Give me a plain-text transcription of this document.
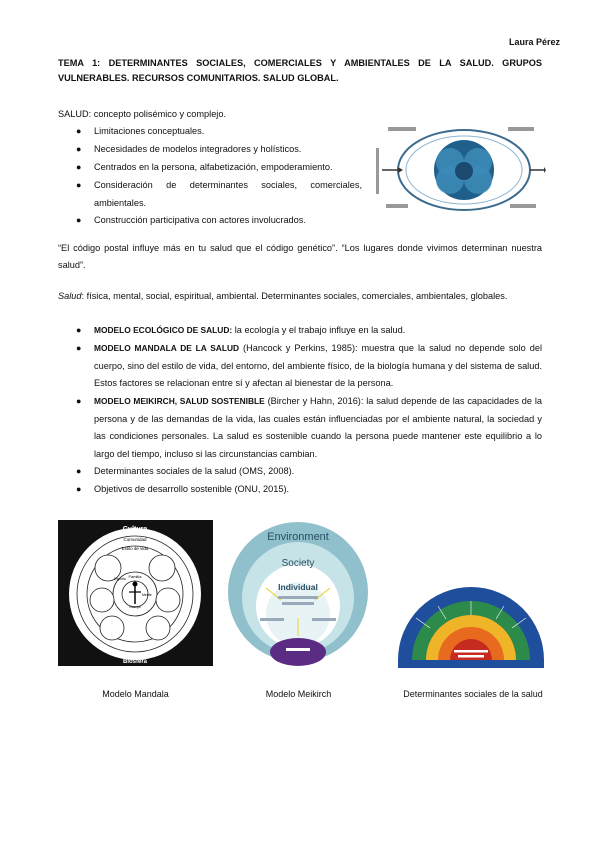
Laura Pérez
TEMA 1: DETERMINANTES SOCIALES, COMERCIALES Y AMBIENTALES DE LA SALUD. GRUPOS VULNERABLES. RECURSOS COMUNITARIOS. SALUD GLOBAL.
SALUD: concepto polisémico y complejo.
● Limitaciones conceptuales.
● Necesidades de modelos integradores y holísticos.
● Centrados en la persona, alfabetización, empoderamiento.
● Consideración de determinantes sociales, comerciales, ambientales.
● Construcción participativa con actores involucrados.
“El código postal influye más en tu salud que el código genético”. “Los lugares donde vivimos determinan nuestra salud”.
Salud: física, mental, social, espiritual, ambiental. Determinantes sociales, comerciales, ambientales, globales.
● MODELO ECOLÓGICO DE SALUD: la ecología y el trabajo influye en la salud.
● MODELO MANDALA DE LA SALUD (Hancock y Perkins, 1985): muestra que la salud no depende solo del cuerpo, sino del estilo de vida, del entorno, del ambiente físico, de la biología humana y del sistema de salud. Estos factores se relacionan entre sí y afectan al bienestar de la persona.
● MODELO MEIKIRCH, SALUD SOSTENIBLE (Bircher y Hahn, 2016): la salud depende de las capacidades de la persona y de las demandas de la vida, las cuales están influenciadas por el ambiente natural, la sociedad y las condiciones personales. La salud es sostenible cuando la persona puede mantener este equilibrio a lo largo del tiempo, incluso si las circunstancias cambian.
● Determinantes sociales de la salud (OMS, 2008).
● Objetivos de desarrollo sostenible (ONU, 2015).
Cultura
Comunidad
Estilo de vida
Familia
Mente
Cuerpo
Espíritu
Biosfera
Environment
Society
Individual
Modelo Mandala	Modelo Meikirch	Determinantes sociales de la salud
